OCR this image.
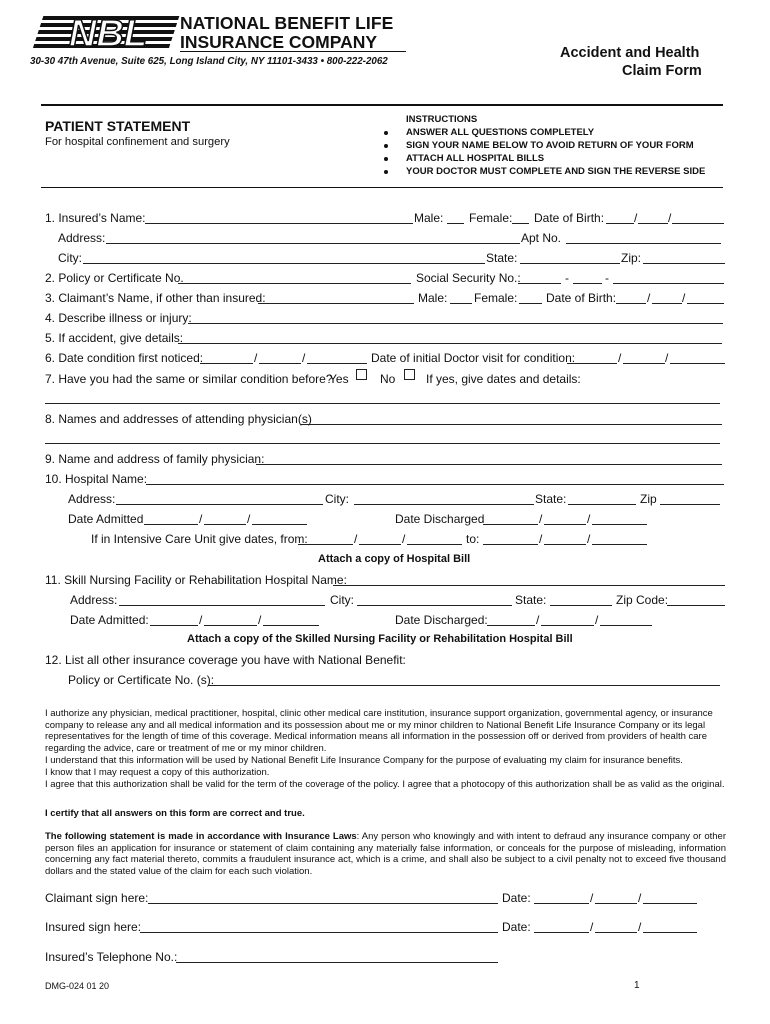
NBL NATIONAL BENEFIT LIFE
INSURANCE COMPANY
30-30 47th Avenue, Suite 625, Long Island City, NY 11101-3433 • 800-222-2062
Accident and Health
Claim Form
PATIENT STATEMENT
For hospital confinement and surgery
INSTRUCTIONS
ANSWER ALL QUESTIONS COMPLETELY
SIGN YOUR NAME BELOW TO AVOID RETURN OF YOUR FORM
ATTACH ALL HOSPITAL BILLS
YOUR DOCTOR MUST COMPLETE AND SIGN THE REVERSE SIDE
1. Insured’s Name:	Male: Female: Date of Birth: /	/
Address:	Apt No.
City:	State:	Zip:
2. Policy or Certificate No.	Social Security No.:	-	-
3. Claimant’s Name, if other than insured:	Male: Female: Date of Birth:	/	/
4. Describe illness or injury:
5. If accident, give details:
6. Date condition first noticed:	/	/	Date of initial Doctor visit for condition:	/	/
7. Have you had the same or similar condition before?
Yes	No	If yes, give dates and details:
8. Names and addresses of attending physician(s)
9. Name and address of family physician:
10. Hospital Name:
Address:	City:	State:	Zip
Date Admitted	/	/	Date Discharged	/	/
If in Intensive Care Unit give dates, from:	/	/	to:	/	/
Attach a copy of Hospital Bill
11. Skill Nursing Facility or Rehabilitation Hospital Name:
Address:	City:	State:	Zip Code:
Date Admitted:	/	/	Date Discharged:	/	/
Attach a copy of the Skilled Nursing Facility or Rehabilitation Hospital Bill
12. List all other insurance coverage you have with National Benefit:
Policy or Certificate No. (s):
I authorize any physician, medical practitioner, hospital, clinic other medical care institution, insurance support organization, governmental agency, or insurance company to release any and all medical information and its possession about me or my minor children to National Benefit Life Insurance Company or its legal representatives for the length of time of this coverage. Medical information means all information in the possession off or derived from providers of health care regarding the advice, care or treatment of me or my minor children.
I understand that this information will be used by National Benefit Life Insurance Company for the purpose of evaluating my claim for insurance benefits.
I know that I may request a copy of this authorization.
I agree that this authorization shall be valid for the term of the coverage of the policy. I agree that a photocopy of this authorization shall be as valid as the original.
I certify that all answers on this form are correct and true.
The following statement is made in accordance with Insurance Laws: Any person who knowingly and with intent to defraud any insurance company or other person files an application for insurance or statement of claim containing any materially false information, or conceals for the purpose of misleading, information concerning any fact material thereto, commits a fraudulent insurance act, which is a crime, and shall also be subject to a civil penalty not to exceed five thousand dollars and the stated value of the claim for each such violation.
Claimant sign here:	Date:	/	/
Insured sign here:	Date:	/	/
Insured’s Telephone No.:
DMG-024 01 20	1
